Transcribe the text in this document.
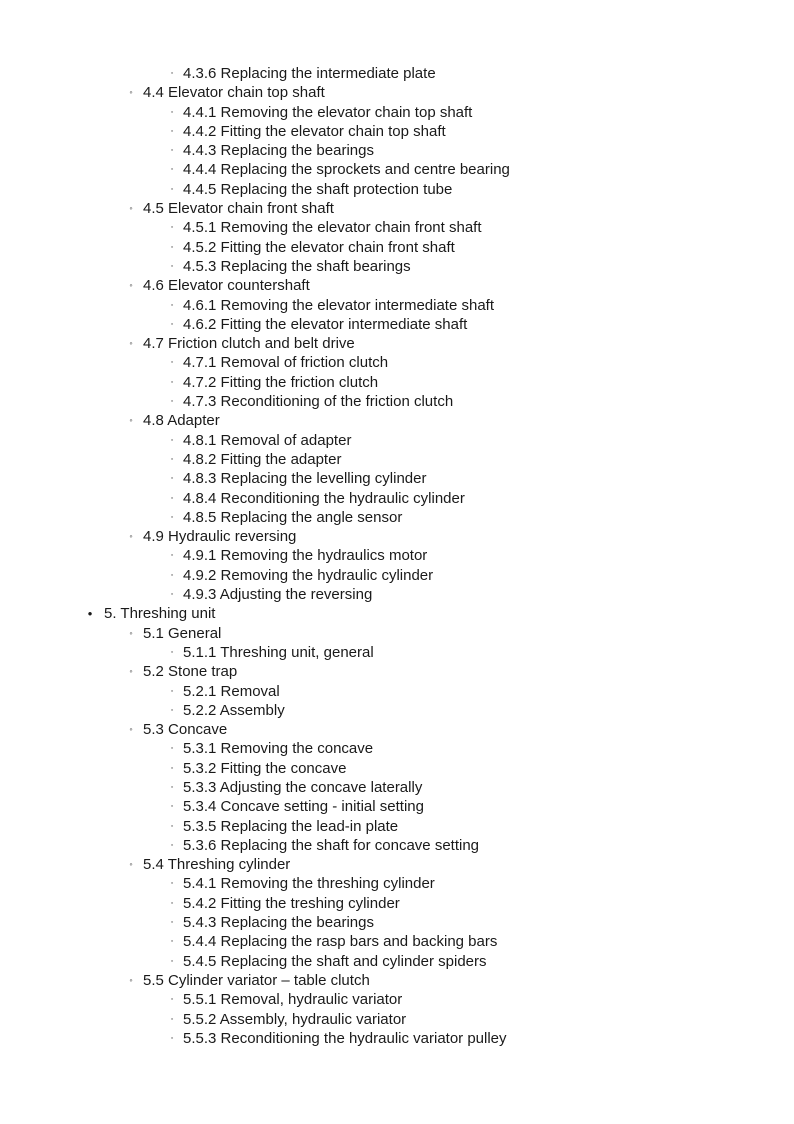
▫ 4.3.6 Replacing the intermediate plate
◦ 4.4 Elevator chain top shaft
▫ 4.4.1 Removing the elevator chain top shaft
▫ 4.4.2 Fitting the elevator chain top shaft
▫ 4.4.3 Replacing the bearings
▫ 4.4.4 Replacing the sprockets and centre bearing
▫ 4.4.5 Replacing the shaft protection tube
◦ 4.5 Elevator chain front shaft
▫ 4.5.1 Removing the elevator chain front shaft
▫ 4.5.2 Fitting the elevator chain front shaft
▫ 4.5.3 Replacing the shaft bearings
◦ 4.6 Elevator countershaft
▫ 4.6.1 Removing the elevator intermediate shaft
▫ 4.6.2 Fitting the elevator intermediate shaft
◦ 4.7 Friction clutch and belt drive
▫ 4.7.1 Removal of friction clutch
▫ 4.7.2 Fitting the friction clutch
▫ 4.7.3 Reconditioning of the friction clutch
◦ 4.8 Adapter
▫ 4.8.1 Removal of adapter
▫ 4.8.2 Fitting the adapter
▫ 4.8.3 Replacing the levelling cylinder
▫ 4.8.4 Reconditioning the hydraulic cylinder
▫ 4.8.5 Replacing the angle sensor
◦ 4.9 Hydraulic reversing
▫ 4.9.1 Removing the hydraulics motor
▫ 4.9.2 Removing the hydraulic cylinder
▫ 4.9.3 Adjusting the reversing
• 5. Threshing unit
◦ 5.1 General
▫ 5.1.1 Threshing unit, general
◦ 5.2 Stone trap
▫ 5.2.1 Removal
▫ 5.2.2 Assembly
◦ 5.3 Concave
▫ 5.3.1 Removing the concave
▫ 5.3.2 Fitting the concave
▫ 5.3.3 Adjusting the concave laterally
▫ 5.3.4 Concave setting - initial setting
▫ 5.3.5 Replacing the lead-in plate
▫ 5.3.6 Replacing the shaft for concave setting
◦ 5.4 Threshing cylinder
▫ 5.4.1 Removing the threshing cylinder
▫ 5.4.2 Fitting the treshing cylinder
▫ 5.4.3 Replacing the bearings
▫ 5.4.4 Replacing the rasp bars and backing bars
▫ 5.4.5 Replacing the shaft and cylinder spiders
◦ 5.5 Cylinder variator – table clutch
▫ 5.5.1 Removal, hydraulic variator
▫ 5.5.2 Assembly, hydraulic variator
▫ 5.5.3 Reconditioning the hydraulic variator pulley
